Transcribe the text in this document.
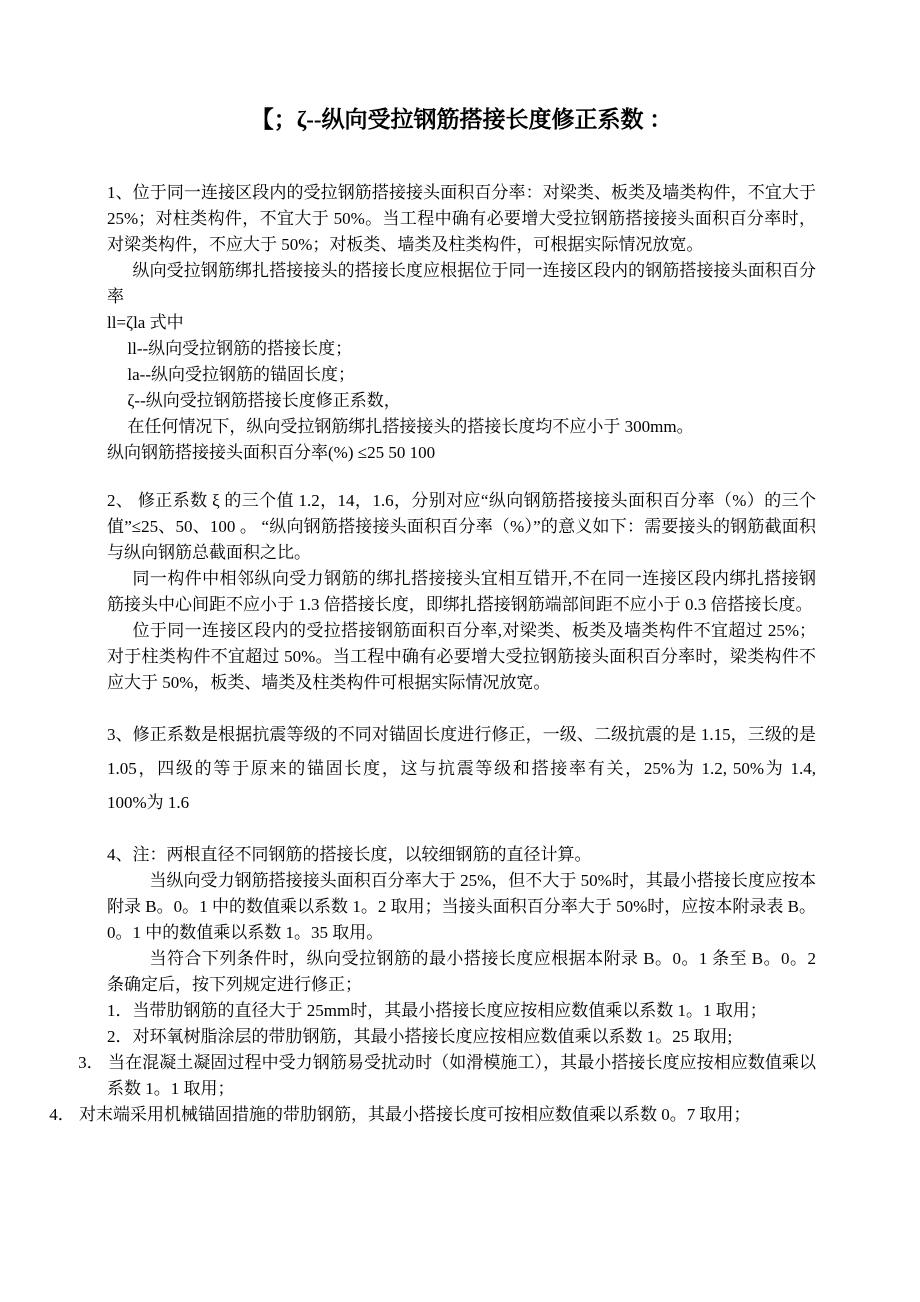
【；ζ--纵向受拉钢筋搭接长度修正系数 ：

1、位于同一连接区段内的受拉钢筋搭接接头面积百分率：对梁类、板类及墙类构件，不宜大于 25%；对柱类构件，不宜大于 50%。当工程中确有必要增大受拉钢筋搭接接头面积百分率时，对梁类构件，不应大于 50%；对板类、墙类及柱类构件，可根据实际情况放宽。

纵向受拉钢筋绑扎搭接接头的搭接长度应根据位于同一连接区段内的钢筋搭接接头面积百分率

ll=ζla 式中

ll--纵向受拉钢筋的搭接长度；

la--纵向受拉钢筋的锚固长度；

ζ--纵向受拉钢筋搭接长度修正系数，

在任何情况下，纵向受拉钢筋绑扎搭接接头的搭接长度均不应小于 300mm。

纵向钢筋搭接接头面积百分率(%) ≤25 50 100

2、 修正系数 ξ 的三个值 1.2，14，1.6，分别对应“纵向钢筋搭接接头面积百分率（%）的三个值”≤25、50、100 。 “纵向钢筋搭接接头面积百分率（%）”的意义如下：需要接头的钢筋截面积与纵向钢筋总截面积之比。

同一构件中相邻纵向受力钢筋的绑扎搭接接头宜相互错开,不在同一连接区段内绑扎搭接钢筋接头中心间距不应小于 1.3 倍搭接长度，即绑扎搭接钢筋端部间距不应小于 0.3 倍搭接长度。

位于同一连接区段内的受拉搭接钢筋面积百分率,对梁类、板类及墙类构件不宜超过 25%；对于柱类构件不宜超过 50%。当工程中确有必要增大受拉钢筋接头面积百分率时，梁类构件不应大于 50%，板类、墙类及柱类构件可根据实际情况放宽。

3、修正系数是根据抗震等级的不同对锚固长度进行修正，一级、二级抗震的是 1.15，三级的是 1.05，四级的等于原来的锚固长度，这与抗震等级和搭接率有关，25%为 1.2, 50%为 1.4,　　100%为 1.6

4、注：两根直径不同钢筋的搭接长度，以较细钢筋的直径计算。

当纵向受力钢筋搭接接头面积百分率大于 25%，但不大于 50%时，其最小搭接长度应按本附录 B。0。1 中的数值乘以系数 1。2 取用；当接头面积百分率大于 50%时，应按本附录表 B。0。1 中的数值乘以系数 1。35 取用。

当符合下列条件时，纵向受拉钢筋的最小搭接长度应根据本附录 B。0。1 条至 B。0。2 条确定后，按下列规定进行修正；

1．当带肋钢筋的直径大于 25mm时，其最小搭接长度应按相应数值乘以系数 1。1 取用；

2．对环氧树脂涂层的带肋钢筋，其最小搭接长度应按相应数值乘以系数 1。25 取用;

3． 当在混凝土凝固过程中受力钢筋易受扰动时（如滑模施工），其最小搭接长度应按相应数值乘以系数 1。1 取用；

4． 对末端采用机械锚固措施的带肋钢筋，其最小搭接长度可按相应数值乘以系数 0。7 取用；
